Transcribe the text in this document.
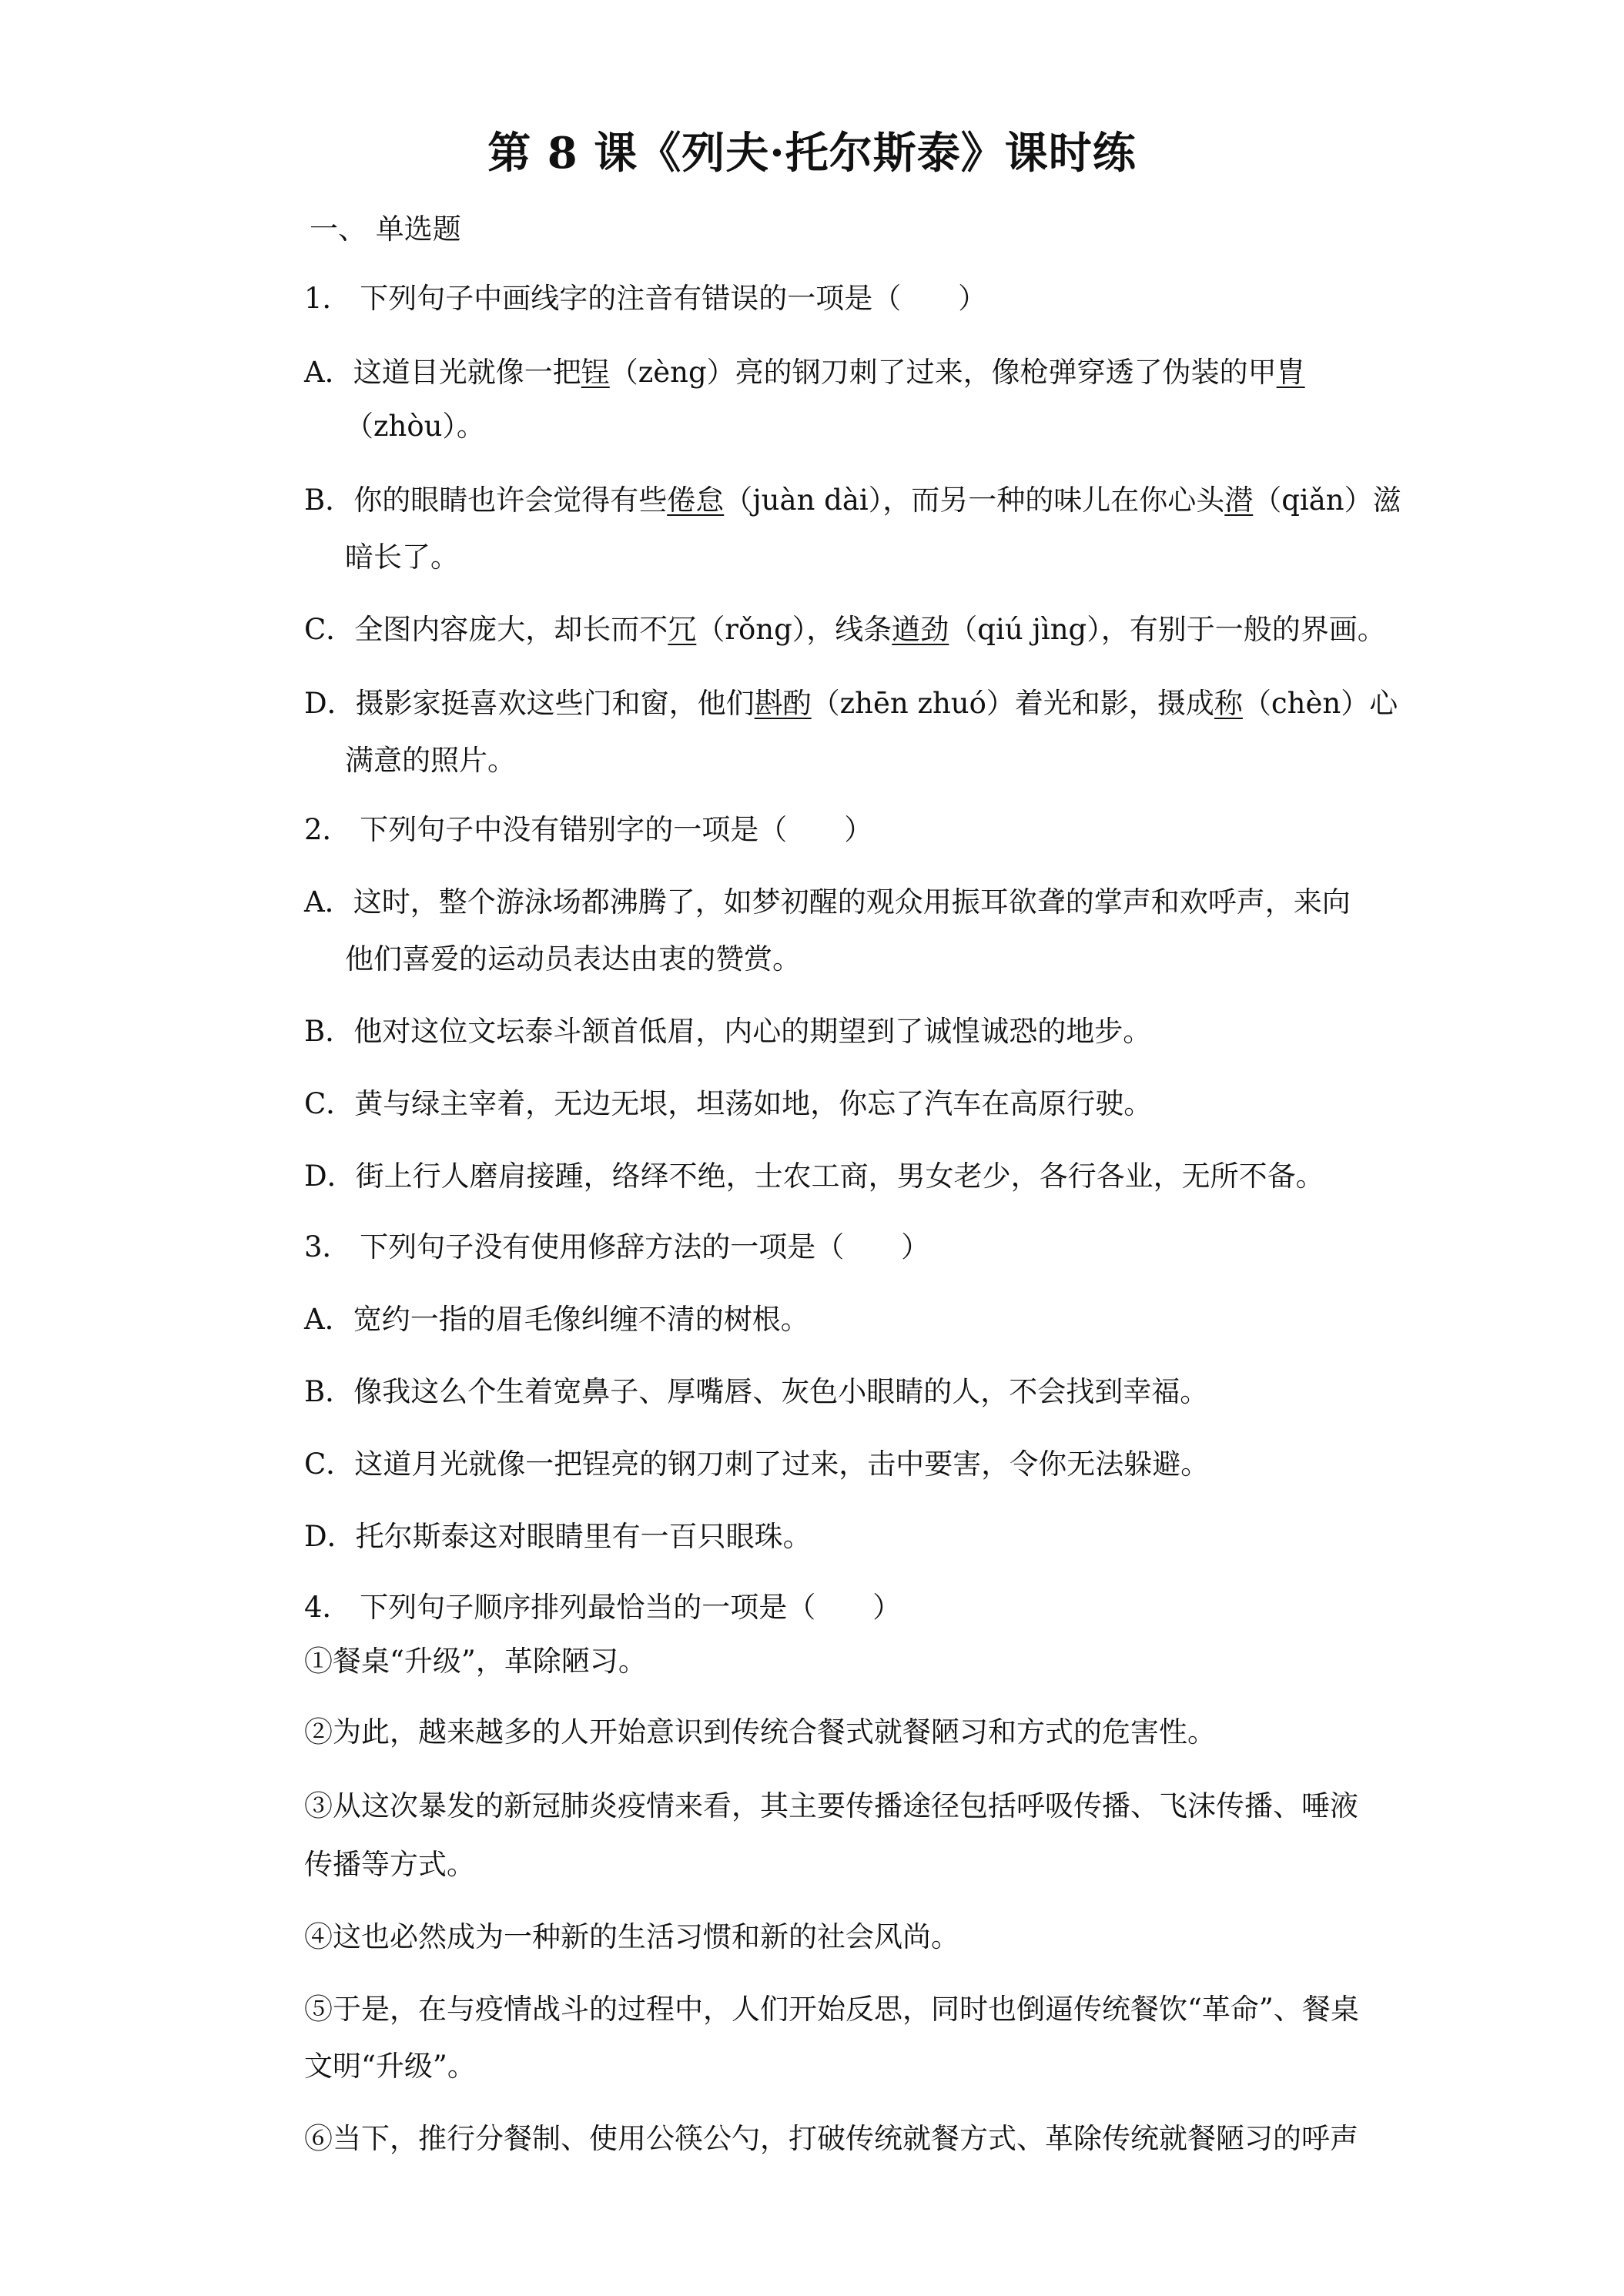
第 8 课《列夫·托尔斯泰》课时练
一、 单选题
1． 下列句子中画线字的注音有错误的一项是（　　）
A．这道目光就像一把锃（zèng）亮的钢刀刺了过来，像枪弹穿透了伪装的甲胄
（zhòu）。
B．你的眼睛也许会觉得有些倦怠（juàn dài），而另一种的味儿在你心头潜（qiǎn）滋
暗长了。
C．全图内容庞大，却长而不冗（rǒng），线条遒劲（qiú jìng），有别于一般的界画。
D．摄影家挺喜欢这些门和窗，他们斟酌（zhēn zhuó）着光和影，摄成称（chèn）心
满意的照片。
2． 下列句子中没有错别字的一项是（　　）
A．这时，整个游泳场都沸腾了，如梦初醒的观众用振耳欲聋的掌声和欢呼声，来向
他们喜爱的运动员表达由衷的赞赏。
B．他对这位文坛泰斗颔首低眉，内心的期望到了诚惶诚恐的地步。
C．黄与绿主宰着，无边无垠，坦荡如地，你忘了汽车在高原行驶。
D．街上行人磨肩接踵，络绎不绝，士农工商，男女老少，各行各业，无所不备。
3． 下列句子没有使用修辞方法的一项是（　　）
A．宽约一指的眉毛像纠缠不清的树根。
B．像我这么个生着宽鼻子、厚嘴唇、灰色小眼睛的人，不会找到幸福。
C．这道月光就像一把锃亮的钢刀刺了过来，击中要害，令你无法躲避。
D．托尔斯泰这对眼睛里有一百只眼珠。
4． 下列句子顺序排列最恰当的一项是（　　）
①餐桌“升级”，革除陋习。
②为此，越来越多的人开始意识到传统合餐式就餐陋习和方式的危害性。
③从这次暴发的新冠肺炎疫情来看，其主要传播途径包括呼吸传播、飞沫传播、唾液
传播等方式。
④这也必然成为一种新的生活习惯和新的社会风尚。
⑤于是，在与疫情战斗的过程中，人们开始反思，同时也倒逼传统餐饮“革命”、餐桌
文明“升级”。
⑥当下，推行分餐制、使用公筷公勺，打破传统就餐方式、革除传统就餐陋习的呼声
